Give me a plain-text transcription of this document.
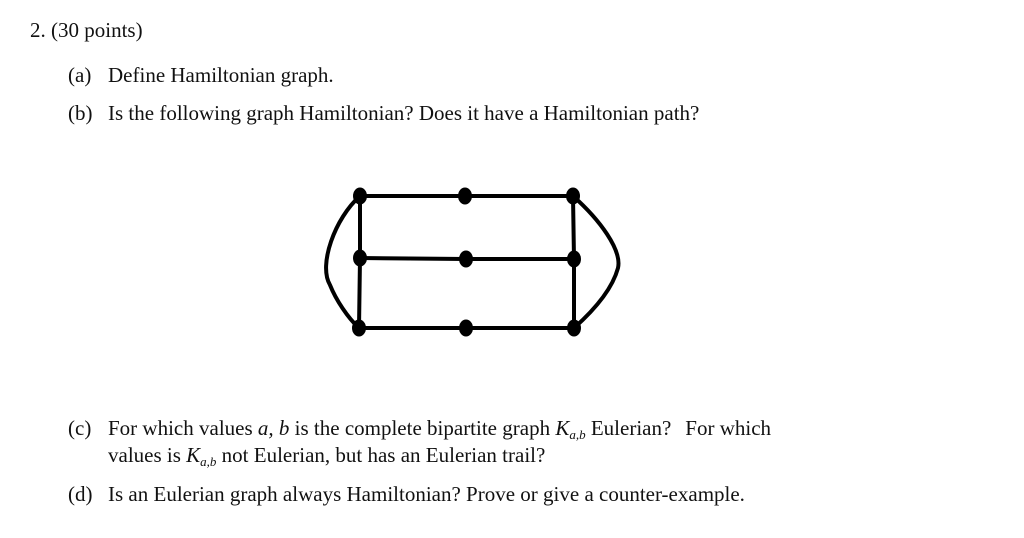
2. (30 points)
(a) Define Hamiltonian graph.
(b) Is the following graph Hamiltonian? Does it have a Hamiltonian path?
(c) For which values a, b is the complete bipartite graph $K_{a,b}$ Eulerian? For which
values is $K_{a,b}$ not Eulerian, but has an Eulerian trail?
(d) Is an Eulerian graph always Hamiltonian? Prove or give a counter-example.
